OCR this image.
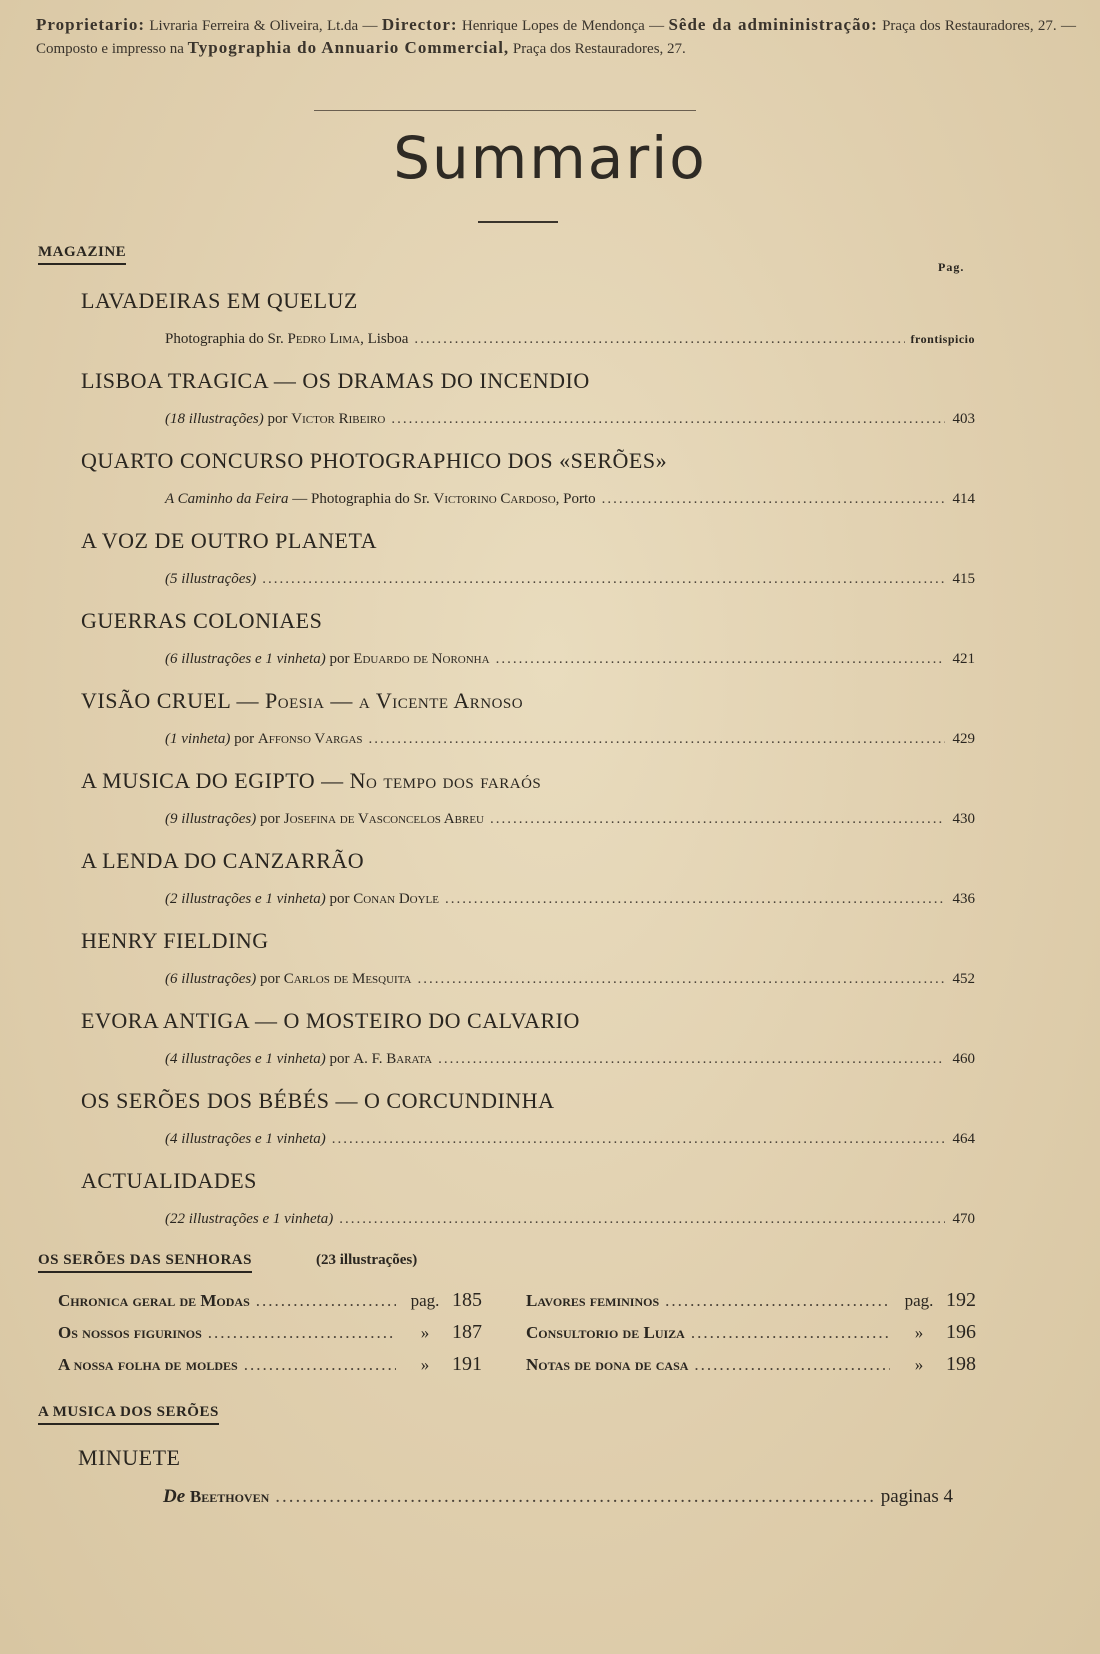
Proprietario: Livraria Ferreira & Oliveira, Lt.da — Director: Henrique Lopes de Mendonça — Sêde da admininistração: Praça dos Restauradores, 27. — Composto e impresso na Typographia do Annuario Commercial, Praça dos Restauradores, 27.
Summario
MAGAZINE
Pag.
LAVADEIRAS EM QUELUZ
Photographia do Sr. Pedro Lima, Lisboa .....	frontispicio
LISBOA TRAGICA — OS DRAMAS DO INCENDIO
(18 illustrações) por Victor Ribeiro .....	403
QUARTO CONCURSO PHOTOGRAPHICO DOS «SERÕES»
A Caminho da Feira — Photographia do Sr. Victorino Cardoso, Porto .....	414
A VOZ DE OUTRO PLANETA
(5 illustrações) .....	415
GUERRAS COLONIAES
(6 illustrações e 1 vinheta) por Eduardo de Noronha .....	421
VISÃO CRUEL — Poesia — a Vicente Arnoso
(1 vinheta) por Affonso Vargas .....	429
A MUSICA DO EGIPTO — No tempo dos faraós
(9 illustrações) por Josefina de Vasconcelos Abreu .....	430
A LENDA DO CANZARRÃO
(2 illustrações e 1 vinheta) por Conan Doyle .....	436
HENRY FIELDING
(6 illustrações) por Carlos de Mesquita .....	452
EVORA ANTIGA — O MOSTEIRO DO CALVARIO
(4 illustrações e 1 vinheta) por A. F. Barata .....	460
OS SERÕES DOS BÉBÉS — O CORCUNDINHA
(4 illustrações e 1 vinheta) .....	464
ACTUALIDADES
(22 illustrações e 1 vinheta) .....	470
OS SERÕES DAS SENHORAS	(23 illustrações)
Chronica geral de Modas .....	pag. 185
Os nossos figurinos .....	»	187
A nossa folha de moldes .....	»	191
Lavores femininos .....	pag. 192
Consultorio de Luiza .....	»	196
Notas de dona de casa .....	»	198
A MUSICA DOS SERÕES
MINUETE
De Beethoven .....	paginas 4
